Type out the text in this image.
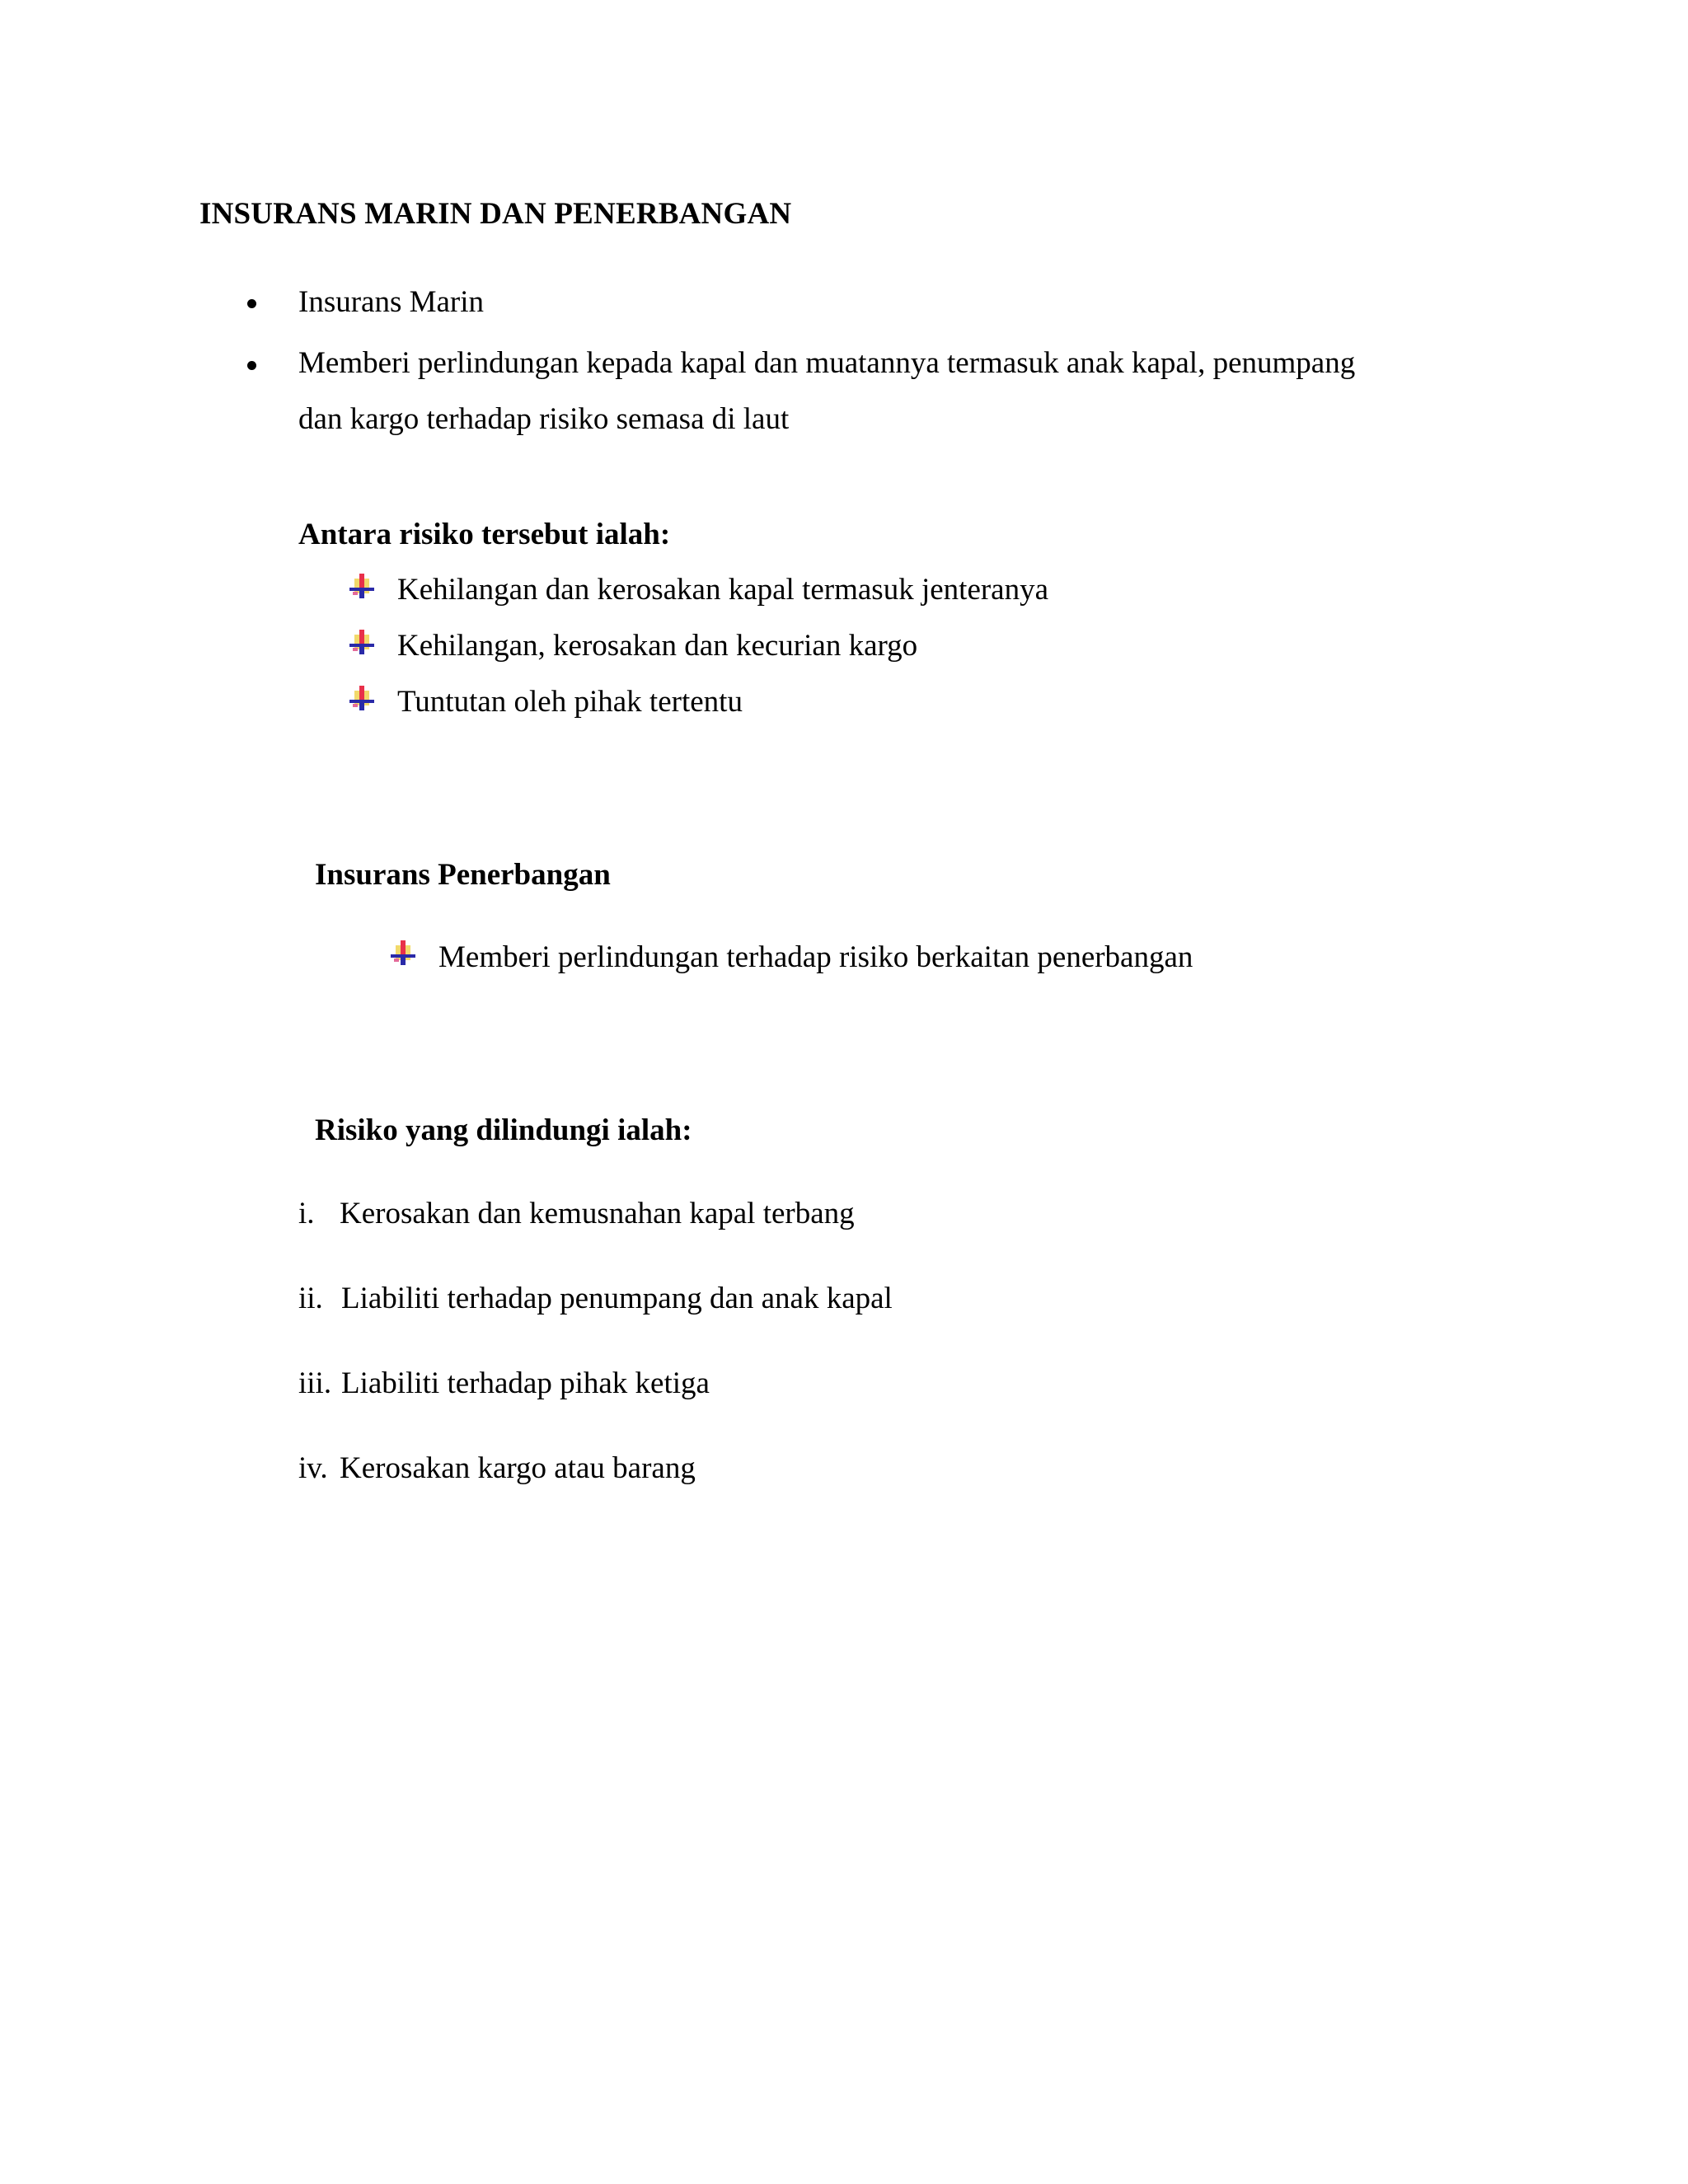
INSURANS MARIN DAN PENERBANGAN
Insurans Marin
Memberi perlindungan kepada kapal dan muatannya termasuk anak kapal, penumpang
dan kargo terhadap risiko semasa di laut
Antara risiko tersebut ialah:
Kehilangan dan kerosakan kapal termasuk jenteranya
Kehilangan, kerosakan dan kecurian kargo
Tuntutan oleh pihak tertentu
Insurans Penerbangan
Memberi perlindungan terhadap risiko berkaitan penerbangan
Risiko yang dilindungi ialah:
i. Kerosakan dan kemusnahan kapal terbang
ii. Liabiliti terhadap penumpang dan anak kapal
iii. Liabiliti terhadap pihak ketiga
iv. Kerosakan kargo atau barang
